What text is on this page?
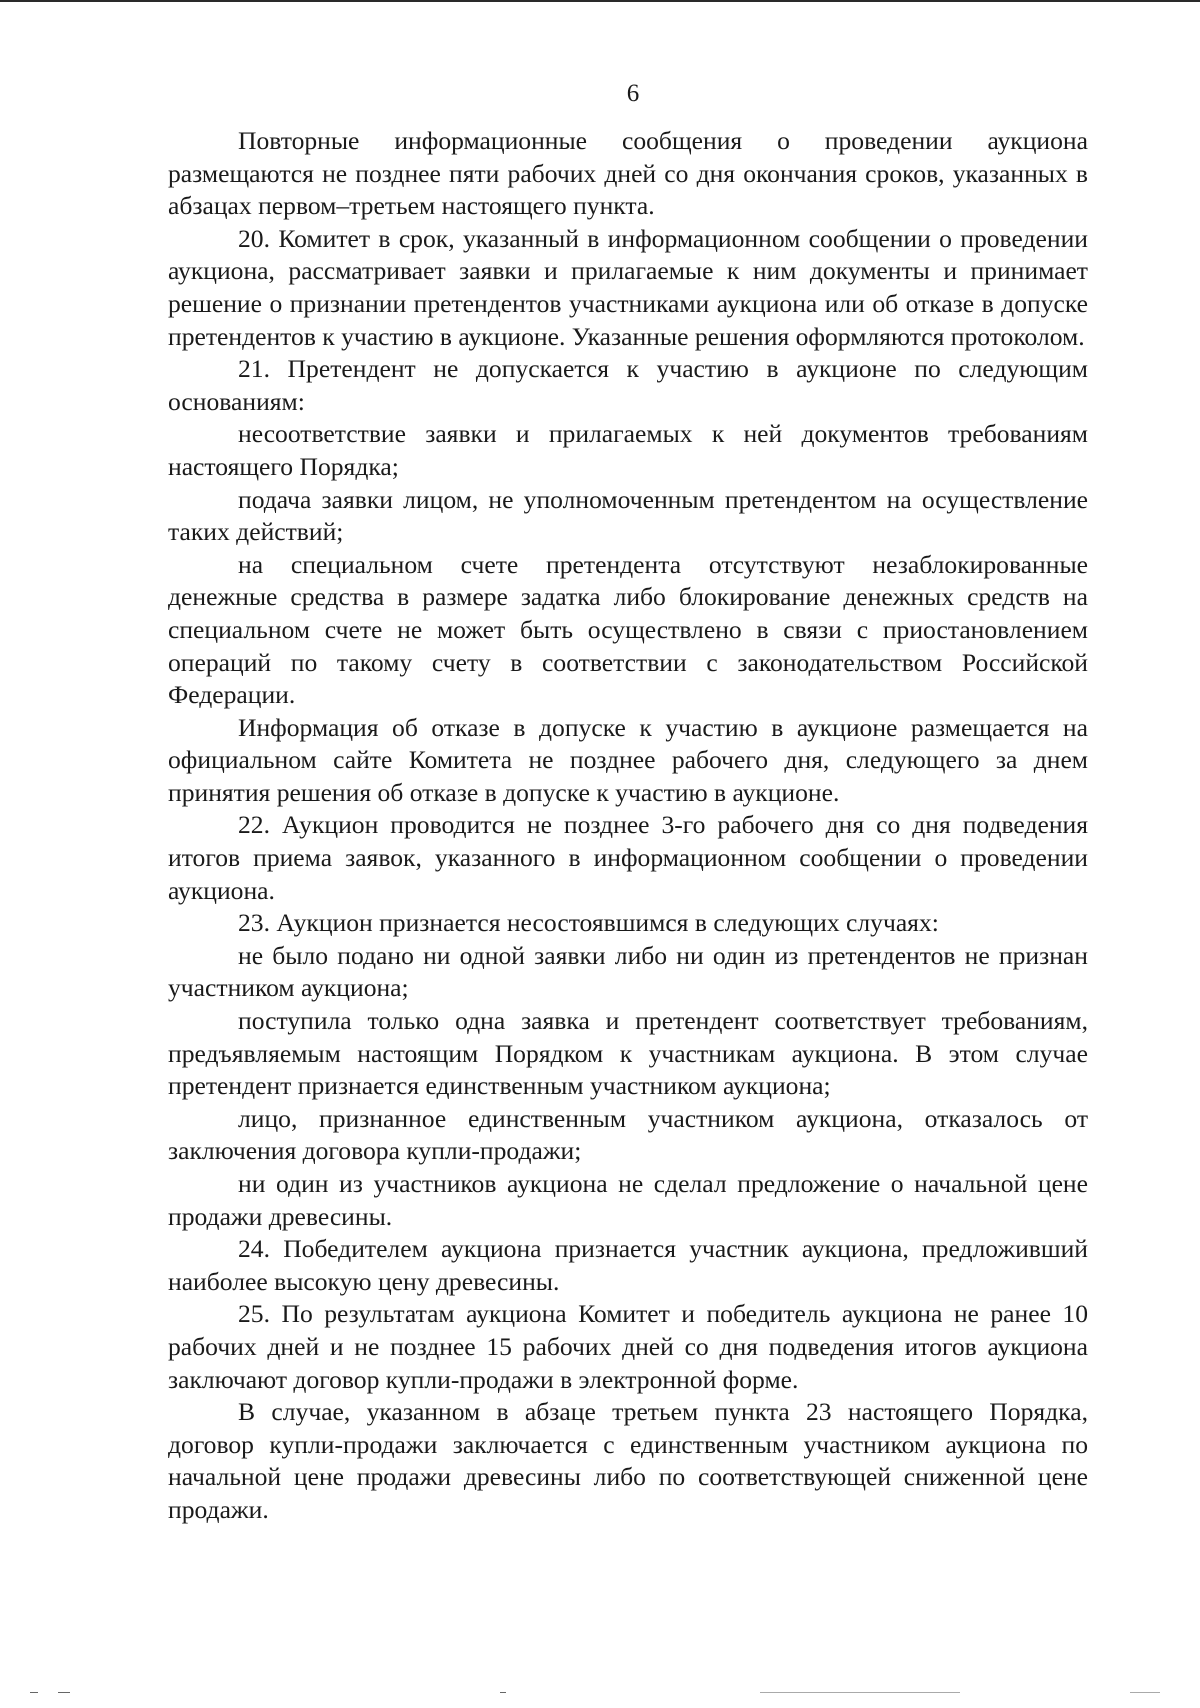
6

Повторные информационные сообщения о проведении аукциона размещаются не позднее пяти рабочих дней со дня окончания сроков, указанных в абзацах первом–третьем настоящего пункта.

20. Комитет в срок, указанный в информационном сообщении о проведении аукциона, рассматривает заявки и прилагаемые к ним документы и принимает решение о признании претендентов участниками аукциона или об отказе в допуске претендентов к участию в аукционе. Указанные решения оформляются протоколом.

21. Претендент не допускается к участию в аукционе по следующим основаниям:

несоответствие заявки и прилагаемых к ней документов требованиям настоящего Порядка;

подача заявки лицом, не уполномоченным претендентом на осуществление таких действий;

на специальном счете претендента отсутствуют незаблокированные денежные средства в размере задатка либо блокирование денежных средств на специальном счете не может быть осуществлено в связи с приостановлением операций по такому счету в соответствии с законодательством Российской Федерации.

Информация об отказе в допуске к участию в аукционе размещается на официальном сайте Комитета не позднее рабочего дня, следующего за днем принятия решения об отказе в допуске к участию в аукционе.

22. Аукцион проводится не позднее 3-го рабочего дня со дня подведения итогов приема заявок, указанного в информационном сообщении о проведении аукциона.

23. Аукцион признается несостоявшимся в следующих случаях:

не было подано ни одной заявки либо ни один из претендентов не признан участником аукциона;

поступила только одна заявка и претендент соответствует требованиям, предъявляемым настоящим Порядком к участникам аукциона. В этом случае претендент признается единственным участником аукциона;

лицо, признанное единственным участником аукциона, отказалось от заключения договора купли-продажи;

ни один из участников аукциона не сделал предложение о начальной цене продажи древесины.

24. Победителем аукциона признается участник аукциона, предложивший наиболее высокую цену древесины.

25. По результатам аукциона Комитет и победитель аукциона не ранее 10 рабочих дней и не позднее 15 рабочих дней со дня подведения итогов аукциона заключают договор купли-продажи в электронной форме.

В случае, указанном в абзаце третьем пункта 23 настоящего Порядка, договор купли-продажи заключается с единственным участником аукциона по начальной цене продажи древесины либо по соответствующей сниженной цене продажи.
